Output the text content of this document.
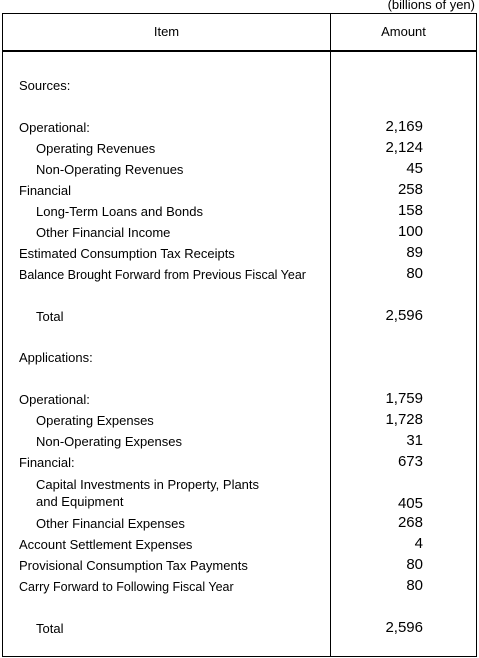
(billions of yen)
Item	Amount
Sources:
Operational:	2,169
Operating Revenues	2,124
Non-Operating Revenues	45
Financial	258
Long-Term Loans and Bonds	158
Other Financial Income	100
Estimated Consumption Tax Receipts	89
Balance Brought Forward from Previous Fiscal Year	80
Total	2,596
Applications:
Operational:	1,759
Operating Expenses	1,728
Non-Operating Expenses	31
Financial:	673
Capital Investments in Property, Plants
and Equipment	405
Other Financial Expenses	268
Account Settlement Expenses	4
Provisional Consumption Tax Payments	80
Carry Forward to Following Fiscal Year	80
Total	2,596
